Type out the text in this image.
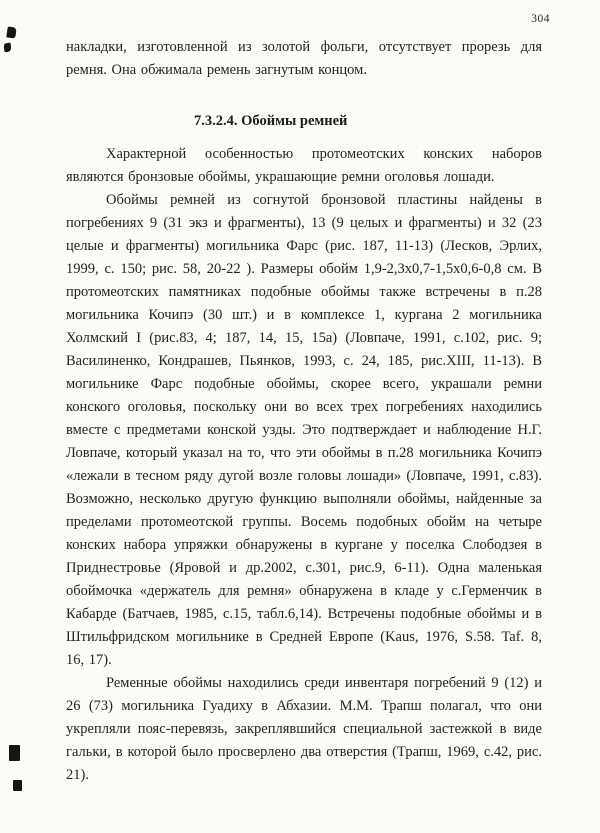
304

накладки, изготовленной из золотой фольги, отсутствует прорезь для ремня. Она обжимала ремень загнутым концом.

7.3.2.4. Обоймы ремней

Характерной особенностью протомеотских конских наборов являются бронзовые обоймы, украшающие ремни оголовья лошади.

Обоймы ремней из согнутой бронзовой пластины найдены в погребениях 9 (31 экз и фрагменты), 13 (9 целых и фрагменты) и 32 (23 целые и фрагменты) могильника Фарс (рис. 187, 11-13) (Лесков, Эрлих, 1999, с. 150; рис. 58, 20-22 ). Размеры обойм 1,9-2,3х0,7-1,5х0,6-0,8 см. В протомеотских памятниках подобные обоймы также встречены в п.28 могильника Кочипэ (30 шт.) и в комплексе 1, кургана 2 могильника Холмский I (рис.83, 4; 187, 14, 15, 15а) (Ловпаче, 1991, с.102, рис. 9; Василиненко, Кондрашев, Пьянков, 1993, с. 24, 185, рис.XIII, 11-13). В могильнике Фарс подобные обоймы, скорее всего, украшали ремни конского оголовья, поскольку они во всех трех погребениях находились вместе с предметами конской узды. Это подтверждает и наблюдение Н.Г. Ловпаче, который указал на то, что эти обоймы в п.28 могильника Кочипэ «лежали в тесном ряду дугой возле головы лошади» (Ловпаче, 1991, с.83). Возможно, несколько другую функцию выполняли обоймы, найденные за пределами протомеотской группы. Восемь подобных обойм на четыре конских набора упряжки обнаружены в кургане у поселка Слободзея в Приднестровье (Яровой и др.2002, с.301, рис.9, 6-11). Одна маленькая обоймочка «держатель для ремня» обнаружена в кладе у с.Герменчик в Кабарде (Батчаев, 1985, с.15, табл.6,14). Встречены подобные обоймы и в Штильфридском могильнике в Средней Европе (Kaus, 1976, S.58. Taf. 8, 16, 17).

Ременные обоймы находились среди инвентаря погребений 9 (12) и 26 (73) могильника Гуадиху в Абхазии. М.М. Трапш полагал, что они укрепляли пояс-перевязь, закреплявшийся специальной застежкой в виде гальки, в которой было просверлено два отверстия (Трапш, 1969, с.42, рис. 21).
